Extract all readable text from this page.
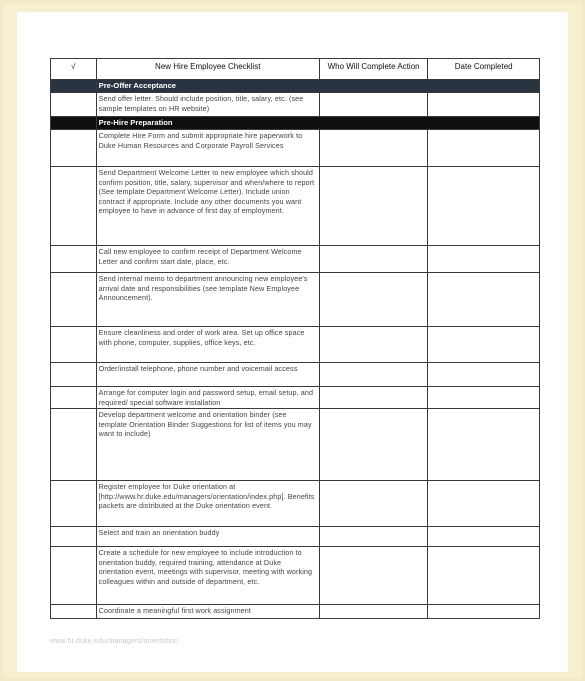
√	New Hire Employee Checklist	Who Will Complete Action	Date Completed
	Pre-Offer Acceptance		
	Send offer letter. Should include position, title, salary, etc. (see sample templates on HR website)		
	Pre-Hire Preparation		
	Complete Hire Form and submit appropriate hire paperwork to Duke Human Resources and Corporate Payroll Services		
	Send Department Welcome Letter to new employee which should confirm position, title, salary, supervisor and when/where to report (See template Department Welcome Letter). Include union contract if appropriate. Include any other documents you want employee to have in advance of first day of employment.		
	Call new employee to confirm receipt of Department Welcome Letter and confirm start date, place, etc.		
	Send internal memo to department announcing new employee's arrival date and responsibilities (see template New Employee Announcement).		
	Ensure cleanliness and order of work area. Set up office space with phone, computer, supplies, office keys, etc.		
	Order/install telephone, phone number and voicemail access		
	Arrange for computer login and password setup, email setup, and required/ special software installation		
	Develop department welcome and orientation binder (see template Orientation Binder Suggestions for list of items you may want to include)		
	Register employee for Duke orientation at [http://www.hr.duke.edu/managers/orientation/index.php]. Benefits packets are distributed at the Duke orientation event.		
	Select and train an orientation buddy		
	Create a schedule for new employee to include introduction to orientation buddy, required training, attendance at Duke orientation event, meetings with supervisor, meeting with working colleagues within and outside of department, etc.		
	Coordinate a meaningful first work assignment		
www.hr.duke.edu/managers/orientation
